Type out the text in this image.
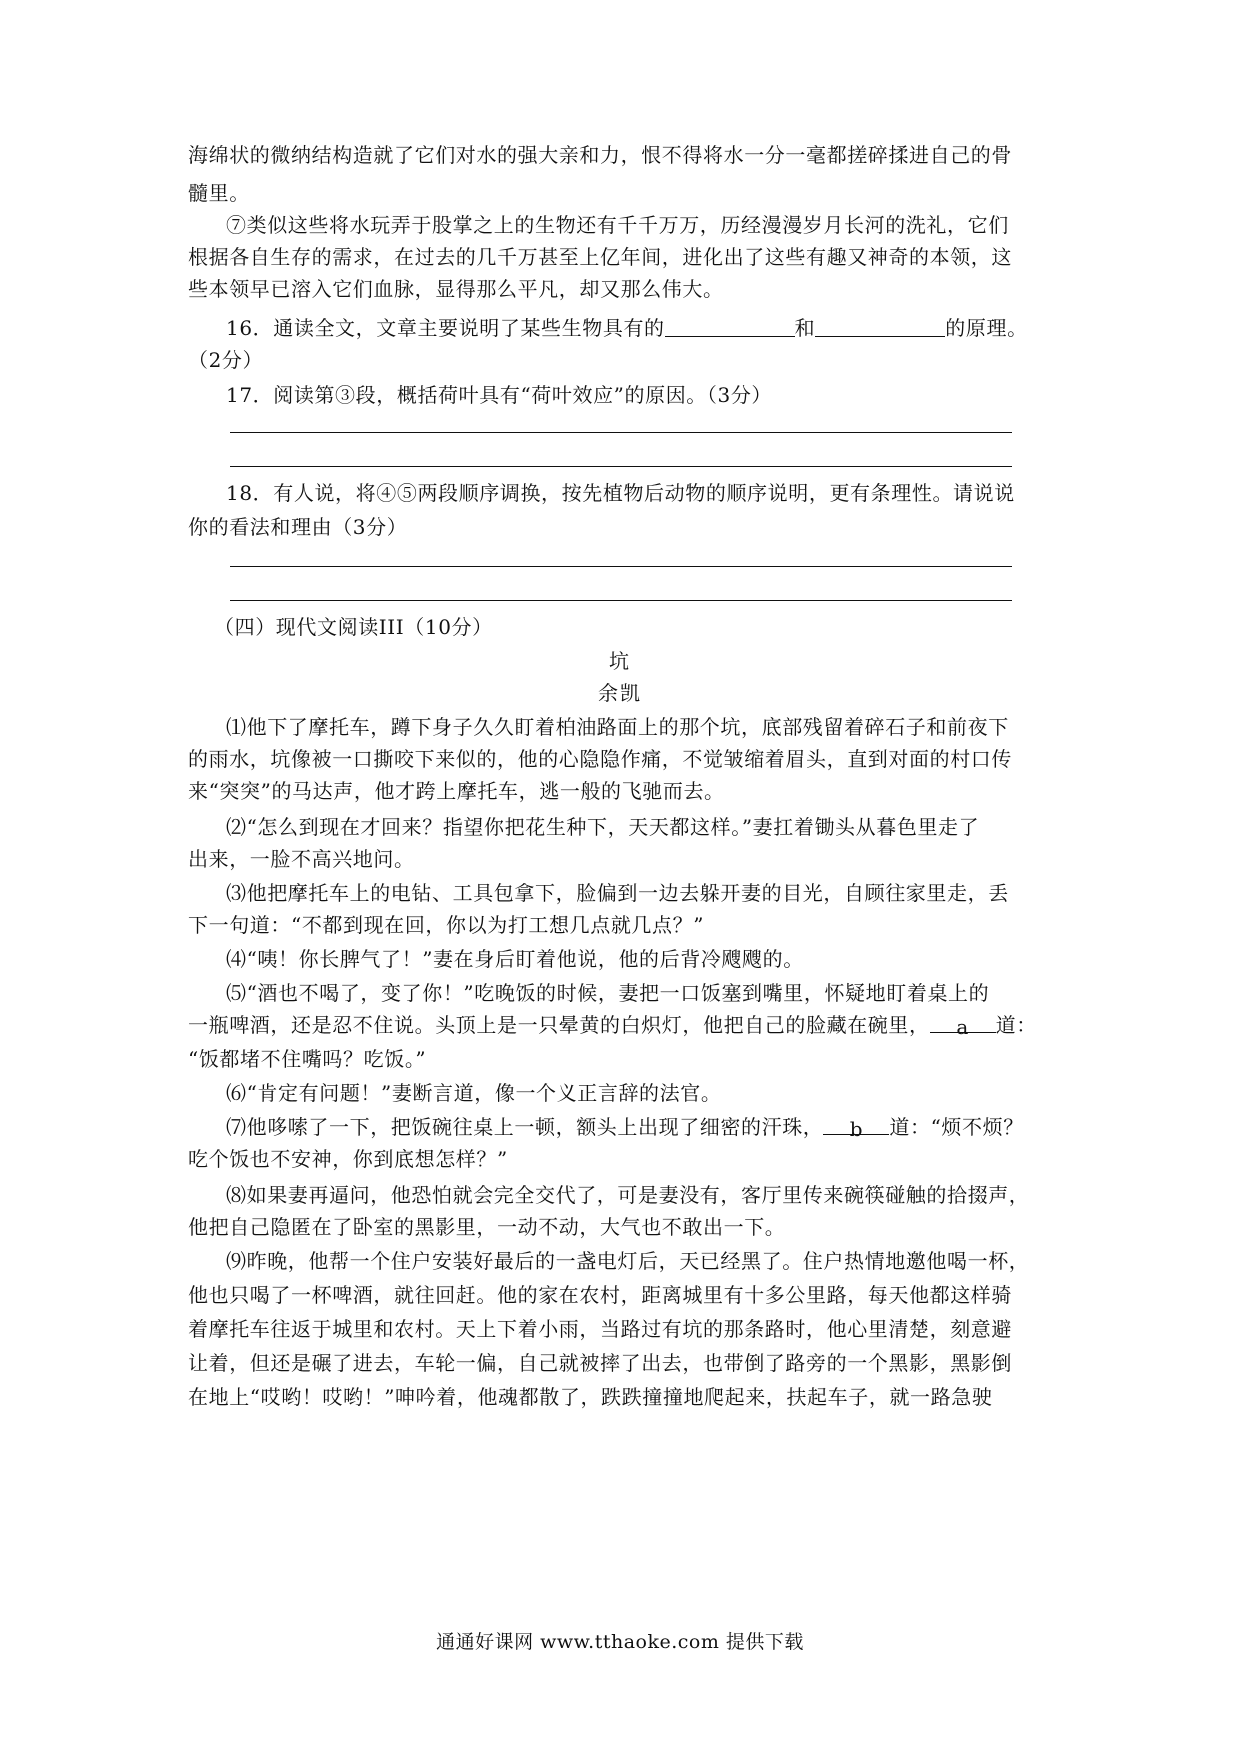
海绵状的微纳结构造就了它们对水的强大亲和力，恨不得将水一分一毫都搓碎揉进自己的骨
髓里。
⑦类似这些将水玩弄于股掌之上的生物还有千千万万，历经漫漫岁月长河的洗礼，它们
根据各自生存的需求，在过去的几千万甚至上亿年间，进化出了这些有趣又神奇的本领，这
些本领早已溶入它们血脉，显得那么平凡，却又那么伟大。
16．通读全文，文章主要说明了某些生物具有的	和	的原理。
（2分）
17．阅读第③段，概括荷叶具有“荷叶效应”的原因。（3分）
18．有人说，将④⑤两段顺序调换，按先植物后动物的顺序说明，更有条理性。请说说
你的看法和理由（3分）
（四）现代文阅读III（10分）
坑
余凯
⑴他下了摩托车，蹲下身子久久盯着柏油路面上的那个坑，底部残留着碎石子和前夜下
的雨水，坑像被一口撕咬下来似的，他的心隐隐作痛，不觉皱缩着眉头，直到对面的村口传
来“突突”的马达声，他才跨上摩托车，逃一般的飞驰而去。
⑵“怎么到现在才回来？指望你把花生种下，天天都这样。”妻扛着锄头从暮色里走了
出来，一脸不高兴地问。
⑶他把摩托车上的电钻、工具包拿下，脸偏到一边去躲开妻的目光，自顾往家里走，丢
下一句道：“不都到现在回，你以为打工想几点就几点？”
⑷“咦！你长脾气了！”妻在身后盯着他说，他的后背冷飕飕的。
⑸“酒也不喝了，变了你！”吃晚饭的时候，妻把一口饭塞到嘴里，怀疑地盯着桌上的
一瓶啤酒，还是忍不住说。头顶上是一只晕黄的白炽灯，他把自己的脸藏在碗里， a 道：
“饭都堵不住嘴吗？吃饭。”
⑹“肯定有问题！”妻断言道，像一个义正言辞的法官。
⑺他哆嗦了一下，把饭碗往桌上一顿，额头上出现了细密的汗珠， b 道：“烦不烦？
吃个饭也不安神，你到底想怎样？”
⑻如果妻再逼问，他恐怕就会完全交代了，可是妻没有，客厅里传来碗筷碰触的拾掇声，
他把自己隐匿在了卧室的黑影里，一动不动，大气也不敢出一下。
⑼昨晚，他帮一个住户安装好最后的一盏电灯后，天已经黑了。住户热情地邀他喝一杯，
他也只喝了一杯啤酒，就往回赶。他的家在农村，距离城里有十多公里路，每天他都这样骑
着摩托车往返于城里和农村。天上下着小雨，当路过有坑的那条路时，他心里清楚，刻意避
让着，但还是碾了进去，车轮一偏，自己就被摔了出去，也带倒了路旁的一个黑影，黑影倒
在地上“哎哟！哎哟！”呻吟着，他魂都散了，跌跌撞撞地爬起来，扶起车子，就一路急驶
通通好课网 www.tthaoke.com 提供下载
